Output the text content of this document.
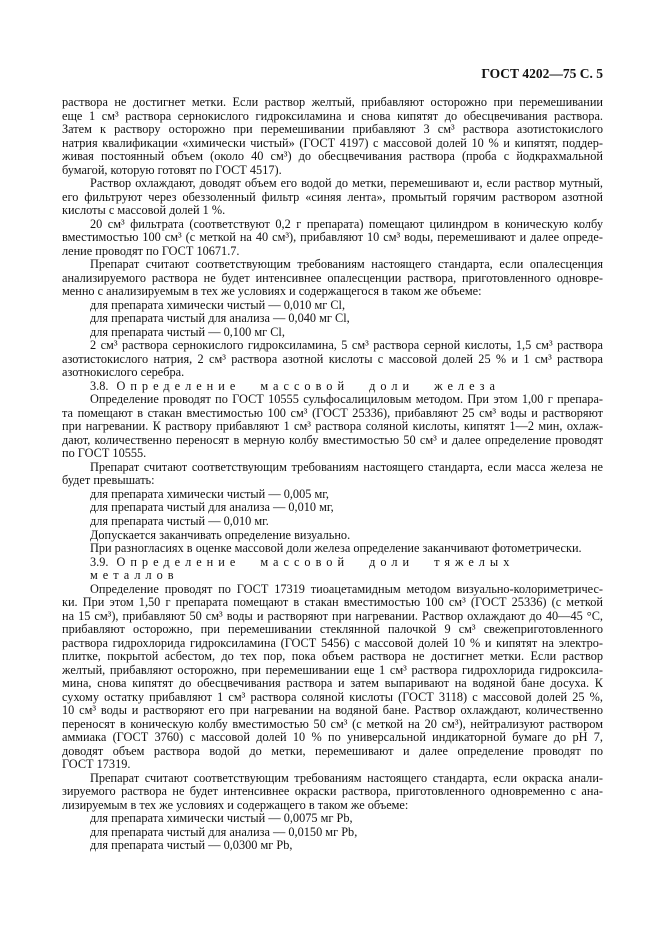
ГОСТ 4202—75 С. 5
раствора не достигнет метки. Если раствор желтый, прибавляют осторожно при перемешивании
еще 1 см³ раствора сернокислого гидроксиламина и снова кипятят до обесцвечивания раствора.
Затем к раствору осторожно при перемешивании прибавляют 3 см³ раствора азотистокислого
натрия квалификации «химически чистый» (ГОСТ 4197) с массовой долей 10 % и кипятят, поддер-
живая постоянный объем (около 40 см³) до обесцвечивания раствора (проба с йодкрахмальной
бумагой, которую готовят по ГОСТ 4517).
Раствор охлаждают, доводят объем его водой до метки, перемешивают и, если раствор мутный,
его фильтруют через обеззоленный фильтр «синяя лента», промытый горячим раствором азотной
кислоты с массовой долей 1 %.
20 см³ фильтрата (соответствуют 0,2 г препарата) помещают цилиндром в коническую колбу
вместимостью 100 см³ (с меткой на 40 см³), прибавляют 10 см³ воды, перемешивают и далее опреде-
ление проводят по ГОСТ 10671.7.
Препарат считают соответствующим требованиям настоящего стандарта, если опалесценция
анализируемого раствора не будет интенсивнее опалесценции раствора, приготовленного одновре-
менно с анализируемым в тех же условиях и содержащегося в таком же объеме:
для препарата химически чистый — 0,010 мг Cl,
для препарата чистый для анализа — 0,040 мг Cl,
для препарата чистый — 0,100 мг Cl,
2 см³ раствора сернокислого гидроксиламина, 5 см³ раствора серной кислоты, 1,5 см³ раствора
азотистокислого натрия, 2 см³ раствора азотной кислоты с массовой долей 25 % и 1 см³ раствора
азотнокислого серебра.
3.8. Определение массовой доли железа
Определение проводят по ГОСТ 10555 сульфосалициловым методом. При этом 1,00 г препара-
та помещают в стакан вместимостью 100 см³ (ГОСТ 25336), прибавляют 25 см³ воды и растворяют
при нагревании. К раствору прибавляют 1 см³ раствора соляной кислоты, кипятят 1—2 мин, охлаж-
дают, количественно переносят в мерную колбу вместимостью 50 см³ и далее определение проводят
по ГОСТ 10555.
Препарат считают соответствующим требованиям настоящего стандарта, если масса железа не
будет превышать:
для препарата химически чистый — 0,005 мг,
для препарата чистый для анализа — 0,010 мг,
для препарата чистый — 0,010 мг.
Допускается заканчивать определение визуально.
При разногласиях в оценке массовой доли железа определение заканчивают фотометрически.
3.9. Определение массовой доли тяжелых металлов
Определение проводят по ГОСТ 17319 тиоацетамидным методом визуально-колориметричес-
ки. При этом 1,50 г препарата помещают в стакан вместимостью 100 см³ (ГОСТ 25336) (с меткой
на 15 см³), прибавляют 50 см³ воды и растворяют при нагревании. Раствор охлаждают до 40—45 °С,
прибавляют осторожно, при перемешивании стеклянной палочкой 9 см³ свежеприготовленного
раствора гидрохлорида гидроксиламина (ГОСТ 5456) с массовой долей 10 % и кипятят на электро-
плитке, покрытой асбестом, до тех пор, пока объем раствора не достигнет метки. Если раствор
желтый, прибавляют осторожно, при перемешивании еще 1 см³ раствора гидрохлорида гидроксила-
мина, снова кипятят до обесцвечивания раствора и затем выпаривают на водяной бане досуха. К
сухому остатку прибавляют 1 см³ раствора соляной кислоты (ГОСТ 3118) с массовой долей 25 %,
10 см³ воды и растворяют его при нагревании на водяной бане. Раствор охлаждают, количественно
переносят в коническую колбу вместимостью 50 см³ (с меткой на 20 см³), нейтрализуют раствором
аммиака (ГОСТ 3760) с массовой долей 10 % по универсальной индикаторной бумаге до pH 7,
доводят объем раствора водой до метки, перемешивают и далее определение проводят по
ГОСТ 17319.
Препарат считают соответствующим требованиям настоящего стандарта, если окраска анали-
зируемого раствора не будет интенсивнее окраски раствора, приготовленного одновременно с ана-
лизируемым в тех же условиях и содержащего в таком же объеме:
для препарата химически чистый — 0,0075 мг Pb,
для препарата чистый для анализа — 0,0150 мг Pb,
для препарата чистый — 0,0300 мг Pb,
